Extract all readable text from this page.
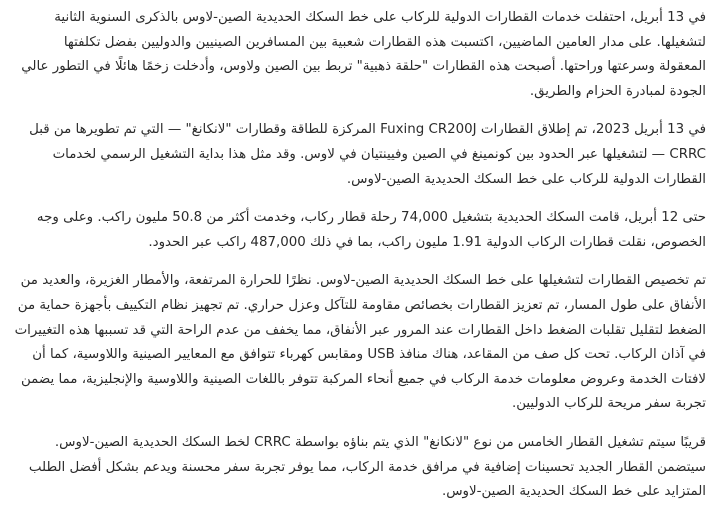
في 13 أبريل، احتفلت خدمات القطارات الدولية للركاب على خط السكك الحديدية الصين-لاوس بالذكرى السنوية الثانية لتشغيلها. على مدار العامين الماضيين، اكتسبت هذه القطارات شعبية بين المسافرين الصينيين والدوليين بفضل تكلفتها المعقولة وسرعتها وراحتها. أصبحت هذه القطارات "حلقة ذهبية" تربط بين الصين ولاوس، وأدخلت زخمًا هائلًا في التطور عالي الجودة لمبادرة الحزام والطريق.

في 13 أبريل 2023، تم إطلاق القطارات Fuxing CR200J المركزة للطاقة وقطارات "لانكانغ" — التي تم تطويرها من قبل CRRC — لتشغيلها عبر الحدود بين كونمينغ في الصين وفيينتيان في لاوس. وقد مثل هذا بداية التشغيل الرسمي لخدمات القطارات الدولية للركاب على خط السكك الحديدية الصين-لاوس.

حتى 12 أبريل، قامت السكك الحديدية بتشغيل 74,000 رحلة قطار ركاب، وخدمت أكثر من 50.8 مليون راكب. وعلى وجه الخصوص، نقلت قطارات الركاب الدولية 1.91 مليون راكب، بما في ذلك 487,000 راكب عبر الحدود.

تم تخصيص القطارات لتشغيلها على خط السكك الحديدية الصين-لاوس. نظرًا للحرارة المرتفعة، والأمطار الغزيرة، والعديد من الأنفاق على طول المسار، تم تعزيز القطارات بخصائص مقاومة للتآكل وعزل حراري. تم تجهيز نظام التكييف بأجهزة حماية من الضغط لتقليل تقلبات الضغط داخل القطارات عند المرور عبر الأنفاق، مما يخفف من عدم الراحة التي قد تسببها هذه التغييرات في آذان الركاب. تحت كل صف من المقاعد، هناك منافذ USB ومقابس كهرباء تتوافق مع المعايير الصينية واللاوسية، كما أن لافتات الخدمة وعروض معلومات خدمة الركاب في جميع أنحاء المركبة تتوفر باللغات الصينية واللاوسية والإنجليزية، مما يضمن تجربة سفر مريحة للركاب الدوليين.

قريبًا سيتم تشغيل القطار الخامس من نوع "لانكانغ" الذي يتم بناؤه بواسطة CRRC لخط السكك الحديدية الصين-لاوس. سيتضمن القطار الجديد تحسينات إضافية في مرافق خدمة الركاب، مما يوفر تجربة سفر محسنة ويدعم بشكل أفضل الطلب المتزايد على خط السكك الحديدية الصين-لاوس.
